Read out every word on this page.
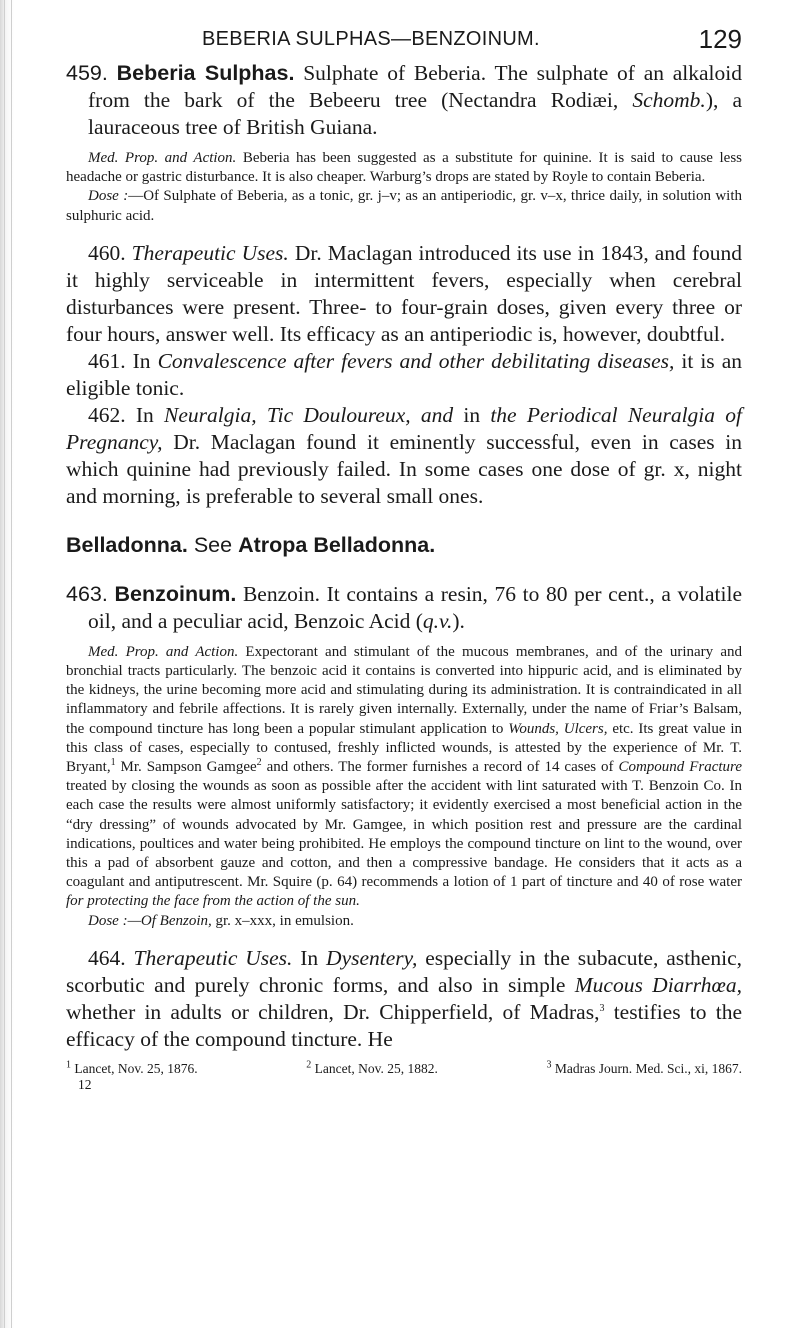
BEBERIA SULPHAS—BENZOINUM.	129

459. Beberia Sulphas. Sulphate of Beberia. The sulphate of an alkaloid from the bark of the Bebeeru tree (Nectandra Rodiæi, Schomb.), a lauraceous tree of British Guiana.

Med. Prop. and Action. Beberia has been suggested as a substitute for quinine. It is said to cause less headache or gastric disturbance. It is also cheaper. Warburg’s drops are stated by Royle to contain Beberia.

Dose :—Of Sulphate of Beberia, as a tonic, gr. j–v; as an antiperiodic, gr. v–x, thrice daily, in solution with sulphuric acid.

460. Therapeutic Uses. Dr. Maclagan introduced its use in 1843, and found it highly serviceable in intermittent fevers, especially when cerebral disturbances were present. Three- to four-grain doses, given every three or four hours, answer well. Its efficacy as an antiperiodic is, however, doubtful.

461. In Convalescence after fevers and other debilitating diseases, it is an eligible tonic.

462. In Neuralgia, Tic Douloureux, and in the Periodical Neuralgia of Pregnancy, Dr. Maclagan found it eminently successful, even in cases in which quinine had previously failed. In some cases one dose of gr. x, night and morning, is preferable to several small ones.

Belladonna. See Atropa Belladonna.

463. Benzoinum. Benzoin. It contains a resin, 76 to 80 per cent., a volatile oil, and a peculiar acid, Benzoic Acid (q.v.).

Med. Prop. and Action. Expectorant and stimulant of the mucous membranes, and of the urinary and bronchial tracts particularly. The benzoic acid it contains is converted into hippuric acid, and is eliminated by the kidneys, the urine becoming more acid and stimulating during its administration. It is contraindicated in all inflammatory and febrile affections. It is rarely given internally. Externally, under the name of Friar’s Balsam, the compound tincture has long been a popular stimulant application to Wounds, Ulcers, etc. Its great value in this class of cases, especially to contused, freshly inflicted wounds, is attested by the experience of Mr. T. Bryant,$^1$ Mr. Sampson Gamgee$^2$ and others. The former furnishes a record of 14 cases of Compound Fracture treated by closing the wounds as soon as possible after the accident with lint saturated with T. Benzoin Co. In each case the results were almost uniformly satisfactory; it evidently exercised a most beneficial action in the “dry dressing” of wounds advocated by Mr. Gamgee, in which position rest and pressure are the cardinal indications, poultices and water being prohibited. He employs the compound tincture on lint to the wound, over this a pad of absorbent gauze and cotton, and then a compressive bandage. He considers that it acts as a coagulant and antiputrescent. Mr. Squire (p. 64) recommends a lotion of 1 part of tincture and 40 of rose water for protecting the face from the action of the sun.

Dose :—Of Benzoin, gr. x–xxx, in emulsion.

464. Therapeutic Uses. In Dysentery, especially in the subacute, asthenic, scorbutic and purely chronic forms, and also in simple Mucous Diarrhœa, whether in adults or children, Dr. Chipperfield, of Madras,$^3$ testifies to the efficacy of the compound tincture. He

$^1$ Lancet, Nov. 25, 1876.	$^2$ Lancet, Nov. 25, 1882.	$^3$ Madras Journ. Med. Sci., xi, 1867.
12
